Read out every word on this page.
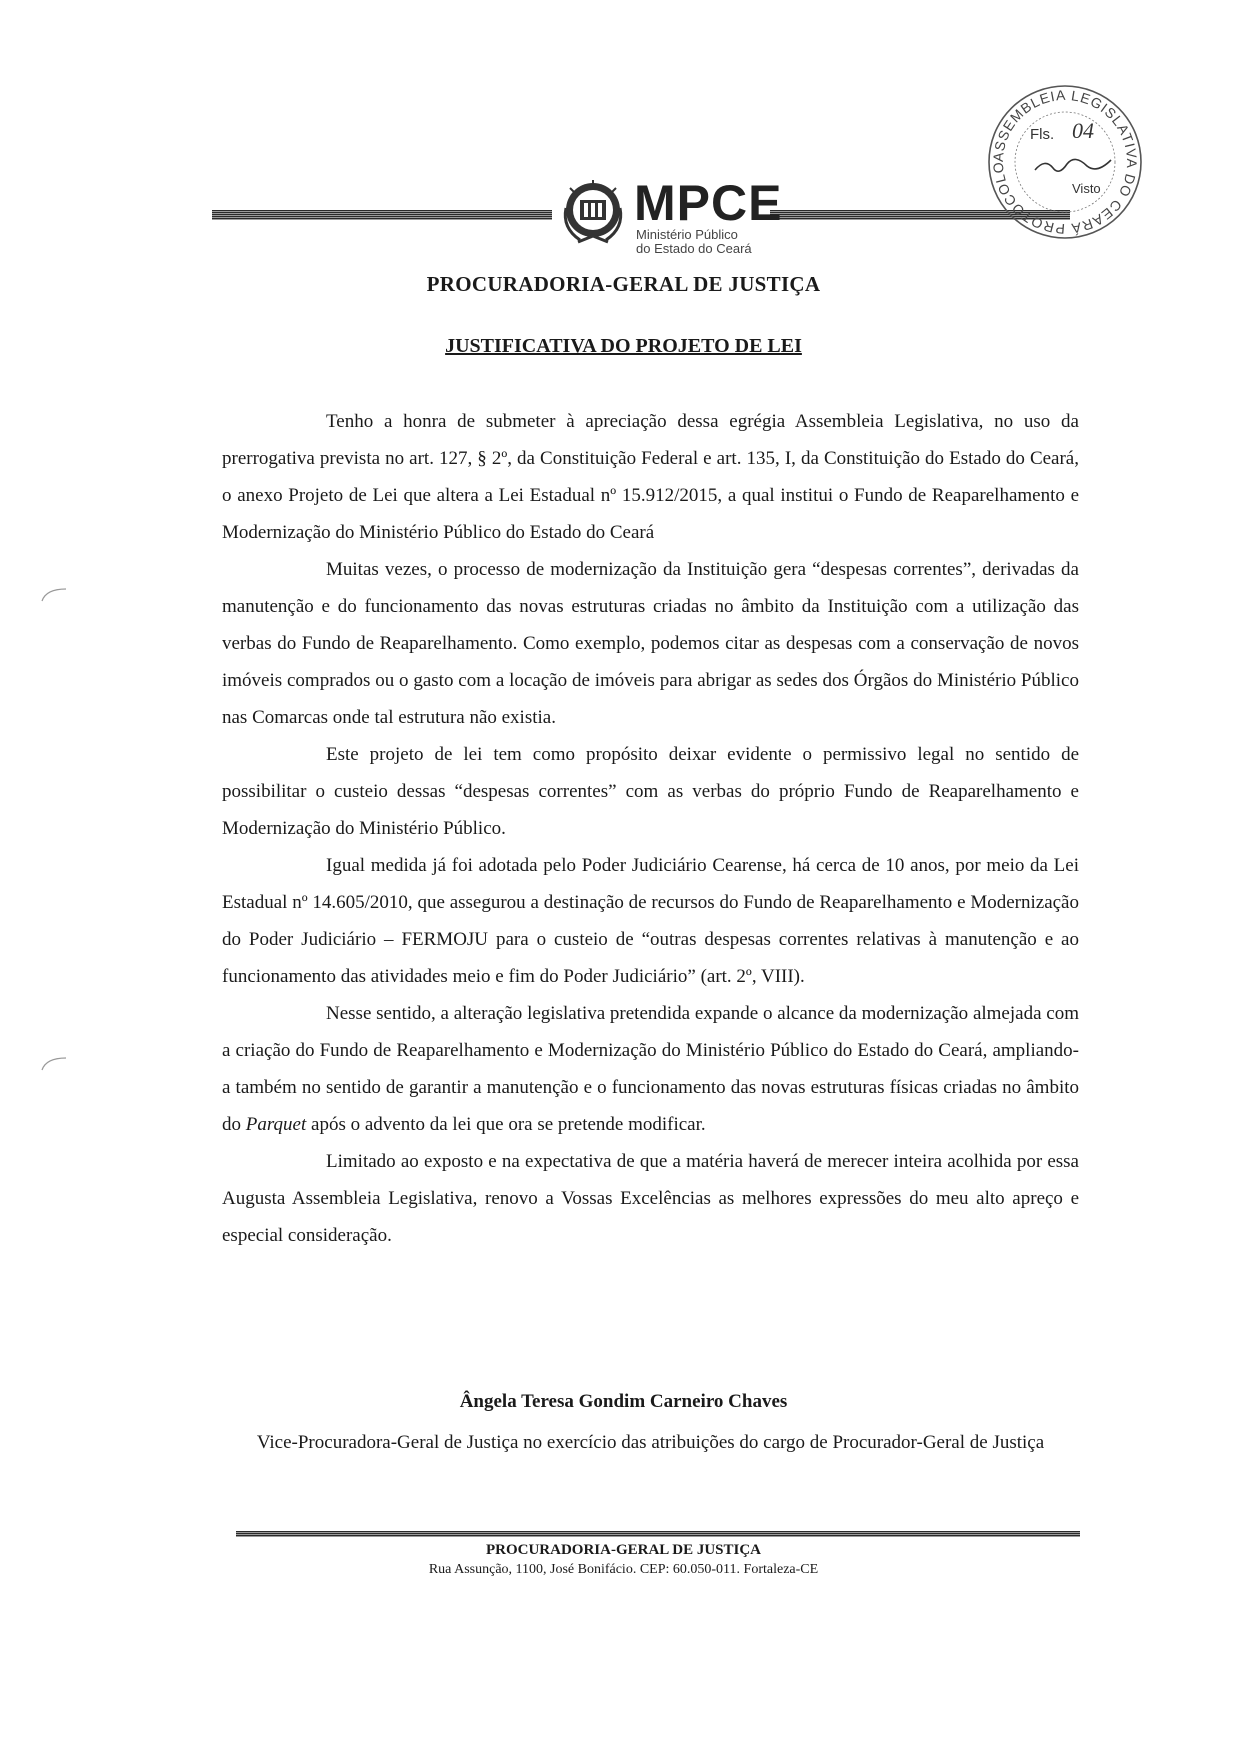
MPCE
Ministério Público
do Estado do Ceará
PROCURADORIA-GERAL DE JUSTIÇA
JUSTIFICATIVA DO PROJETO DE LEI
ASSEMBLEIA LEGISLATIVA DO CEARÁ PROTOCOLO
Fls. 04
Visto

Tenho a honra de submeter à apreciação dessa egrégia Assembleia Legislativa, no uso da prerrogativa prevista no art. 127, § 2º, da Constituição Federal e art. 135, I, da Constituição do Estado do Ceará, o anexo Projeto de Lei que altera a Lei Estadual nº 15.912/2015, a qual institui o Fundo de Reaparelhamento e Modernização do Ministério Público do Estado do Ceará

Muitas vezes, o processo de modernização da Instituição gera “despesas correntes”, derivadas da manutenção e do funcionamento das novas estruturas criadas no âmbito da Instituição com a utilização das verbas do Fundo de Reaparelhamento. Como exemplo, podemos citar as despesas com a conservação de novos imóveis comprados ou o gasto com a locação de imóveis para abrigar as sedes dos Órgãos do Ministério Público nas Comarcas onde tal estrutura não existia.

Este projeto de lei tem como propósito deixar evidente o permissivo legal no sentido de possibilitar o custeio dessas “despesas correntes” com as verbas do próprio Fundo de Reaparelhamento e Modernização do Ministério Público.

Igual medida já foi adotada pelo Poder Judiciário Cearense, há cerca de 10 anos, por meio da Lei Estadual nº 14.605/2010, que assegurou a destinação de recursos do Fundo de Reaparelhamento e Modernização do Poder Judiciário – FERMOJU para o custeio de “outras despesas correntes relativas à manutenção e ao funcionamento das atividades meio e fim do Poder Judiciário” (art. 2º, VIII).

Nesse sentido, a alteração legislativa pretendida expande o alcance da modernização almejada com a criação do Fundo de Reaparelhamento e Modernização do Ministério Público do Estado do Ceará, ampliando-a também no sentido de garantir a manutenção e o funcionamento das novas estruturas físicas criadas no âmbito do Parquet após o advento da lei que ora se pretende modificar.

Limitado ao exposto e na expectativa de que a matéria haverá de merecer inteira acolhida por essa Augusta Assembleia Legislativa, renovo a Vossas Excelências as melhores expressões do meu alto apreço e especial consideração.

Ângela Teresa Gondim Carneiro Chaves
Vice-Procuradora-Geral de Justiça no exercício das atribuições do cargo de Procurador-Geral de Justiça
PROCURADORIA-GERAL DE JUSTIÇA
Rua Assunção, 1100, José Bonifácio. CEP: 60.050-011. Fortaleza-CE
